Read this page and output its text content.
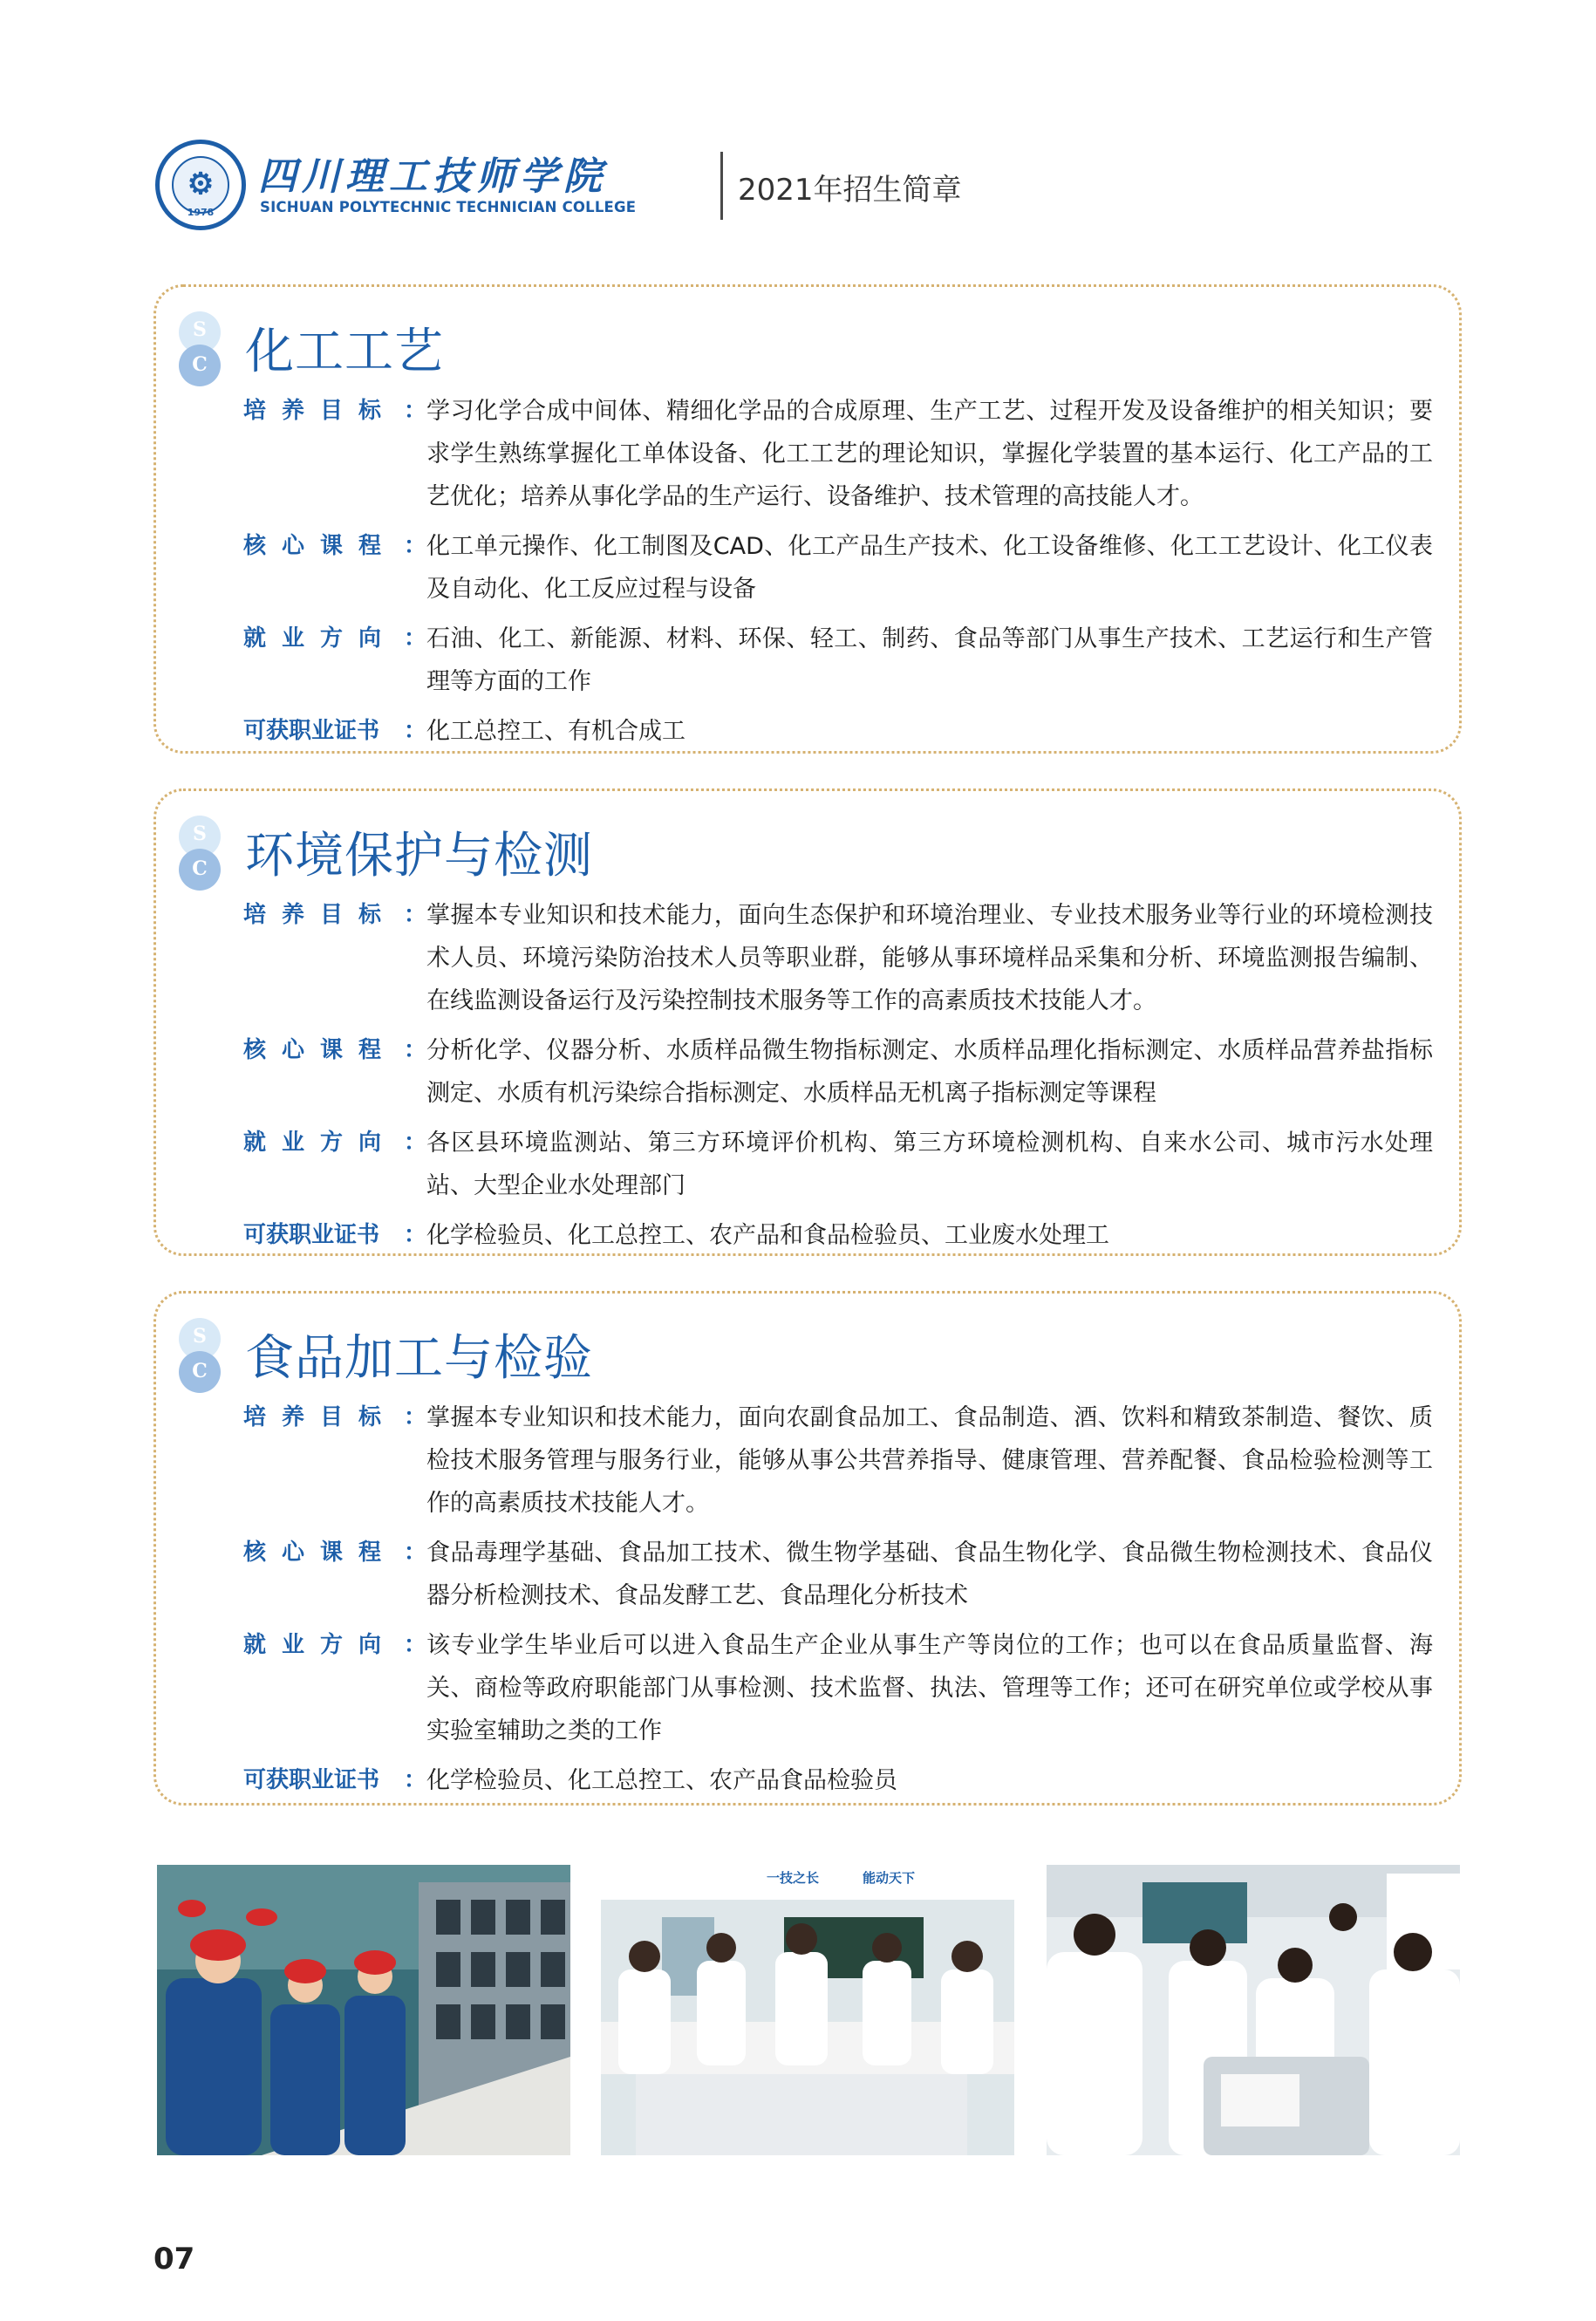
⚙
1978
四川理工技师学院
SICHUAN POLYTECHNIC TECHNICIAN COLLEGE	2021年招生简章
S
C 化工工艺
培养目标 ： 学习化学合成中间体、精细化学品的合成原理、生产工艺、过程开发及设备维护的相关知识；要求学生熟练掌握化工单体设备、化工工艺的理论知识，掌握化学装置的基本运行、化工产品的工艺优化；培养从事化学品的生产运行、设备维护、技术管理的高技能人才。
核心课程 ： 化工单元操作、化工制图及CAD、化工产品生产技术、化工设备维修、化工工艺设计、化工仪表及自动化、化工反应过程与设备
就业方向 ： 石油、化工、新能源、材料、环保、轻工、制药、食品等部门从事生产技术、工艺运行和生产管理等方面的工作
可获职业证书	： 化工总控工、有机合成工
S
C 环境保护与检测
培养目标 ： 掌握本专业知识和技术能力，面向生态保护和环境治理业、专业技术服务业等行业的环境检测技术人员、环境污染防治技术人员等职业群，能够从事环境样品采集和分析、环境监测报告编制、在线监测设备运行及污染控制技术服务等工作的高素质技术技能人才。
核心课程 ： 分析化学、仪器分析、水质样品微生物指标测定、水质样品理化指标测定、水质样品营养盐指标测定、水质有机污染综合指标测定、水质样品无机离子指标测定等课程
就业方向 ： 各区县环境监测站、第三方环境评价机构、第三方环境检测机构、自来水公司、城市污水处理站、大型企业水处理部门
可获职业证书	： 化学检验员、化工总控工、农产品和食品检验员、工业废水处理工
S
C 食品加工与检验
培养目标 ： 掌握本专业知识和技术能力，面向农副食品加工、食品制造、酒、饮料和精致茶制造、餐饮、质检技术服务管理与服务行业，能够从事公共营养指导、健康管理、营养配餐、食品检验检测等工作的高素质技术技能人才。
核心课程 ： 食品毒理学基础、食品加工技术、微生物学基础、食品生物化学、食品微生物检测技术、食品仪器分析检测技术、食品发酵工艺、食品理化分析技术
就业方向 ： 该专业学生毕业后可以进入食品生产企业从事生产等岗位的工作；也可以在食品质量监督、海关、商检等政府职能部门从事检测、技术监督、执法、管理等工作；还可在研究单位或学校从事实验室辅助之类的工作
可获职业证书	： 化学检验员、化工总控工、农产品食品检验员
一技之长	能动天下
07
